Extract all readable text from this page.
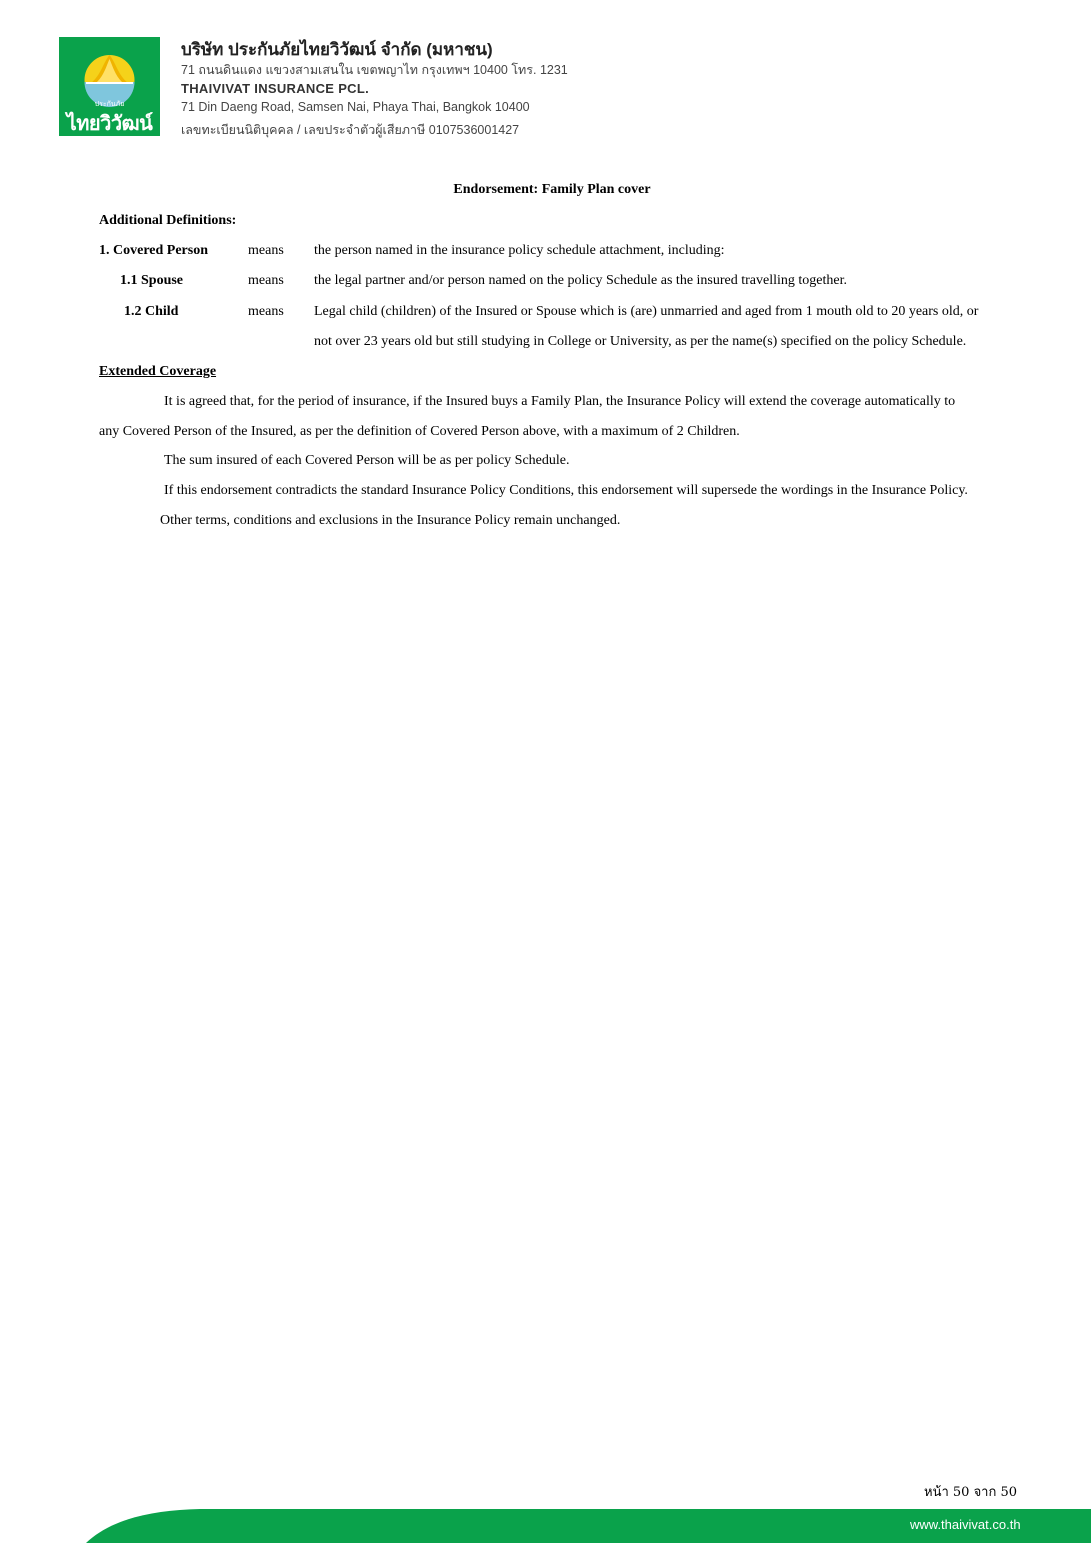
ประกันภัย
ไทยวิวัฒน์
บริษัท ประกันภัยไทยวิวัฒน์ จำกัด (มหาชน)
71 ถนนดินแดง แขวงสามเสนใน เขตพญาไท กรุงเทพฯ 10400 โทร. 1231
THAIVIVAT INSURANCE PCL.
71 Din Daeng Road, Samsen Nai, Phaya Thai, Bangkok 10400
เลขทะเบียนนิติบุคคล / เลขประจำตัวผู้เสียภาษี 0107536001427
Endorsement: Family Plan cover
Additional Definitions:
1. Covered Person	means the person named in the insurance policy schedule attachment, including:
1.1 Spouse	means the legal partner and/or person named on the policy Schedule as the insured travelling together.
1.2 Child	means Legal child (children) of the Insured or Spouse which is (are) unmarried and aged from 1 mouth old to 20 years old, or
not over 23 years old but still studying in College or University, as per the name(s) specified on the policy Schedule.
Extended Coverage
It is agreed that, for the period of insurance, if the Insured buys a Family Plan, the Insurance Policy will extend the coverage automatically to
any Covered Person of the Insured, as per the definition of Covered Person above, with a maximum of 2 Children.
The sum insured of each Covered Person will be as per policy Schedule.
If this endorsement contradicts the standard Insurance Policy Conditions, this endorsement will supersede the wordings in the Insurance Policy.
Other terms, conditions and exclusions in the Insurance Policy remain unchanged.
หน้า 50 จาก 50
www.thaivivat.co.th
